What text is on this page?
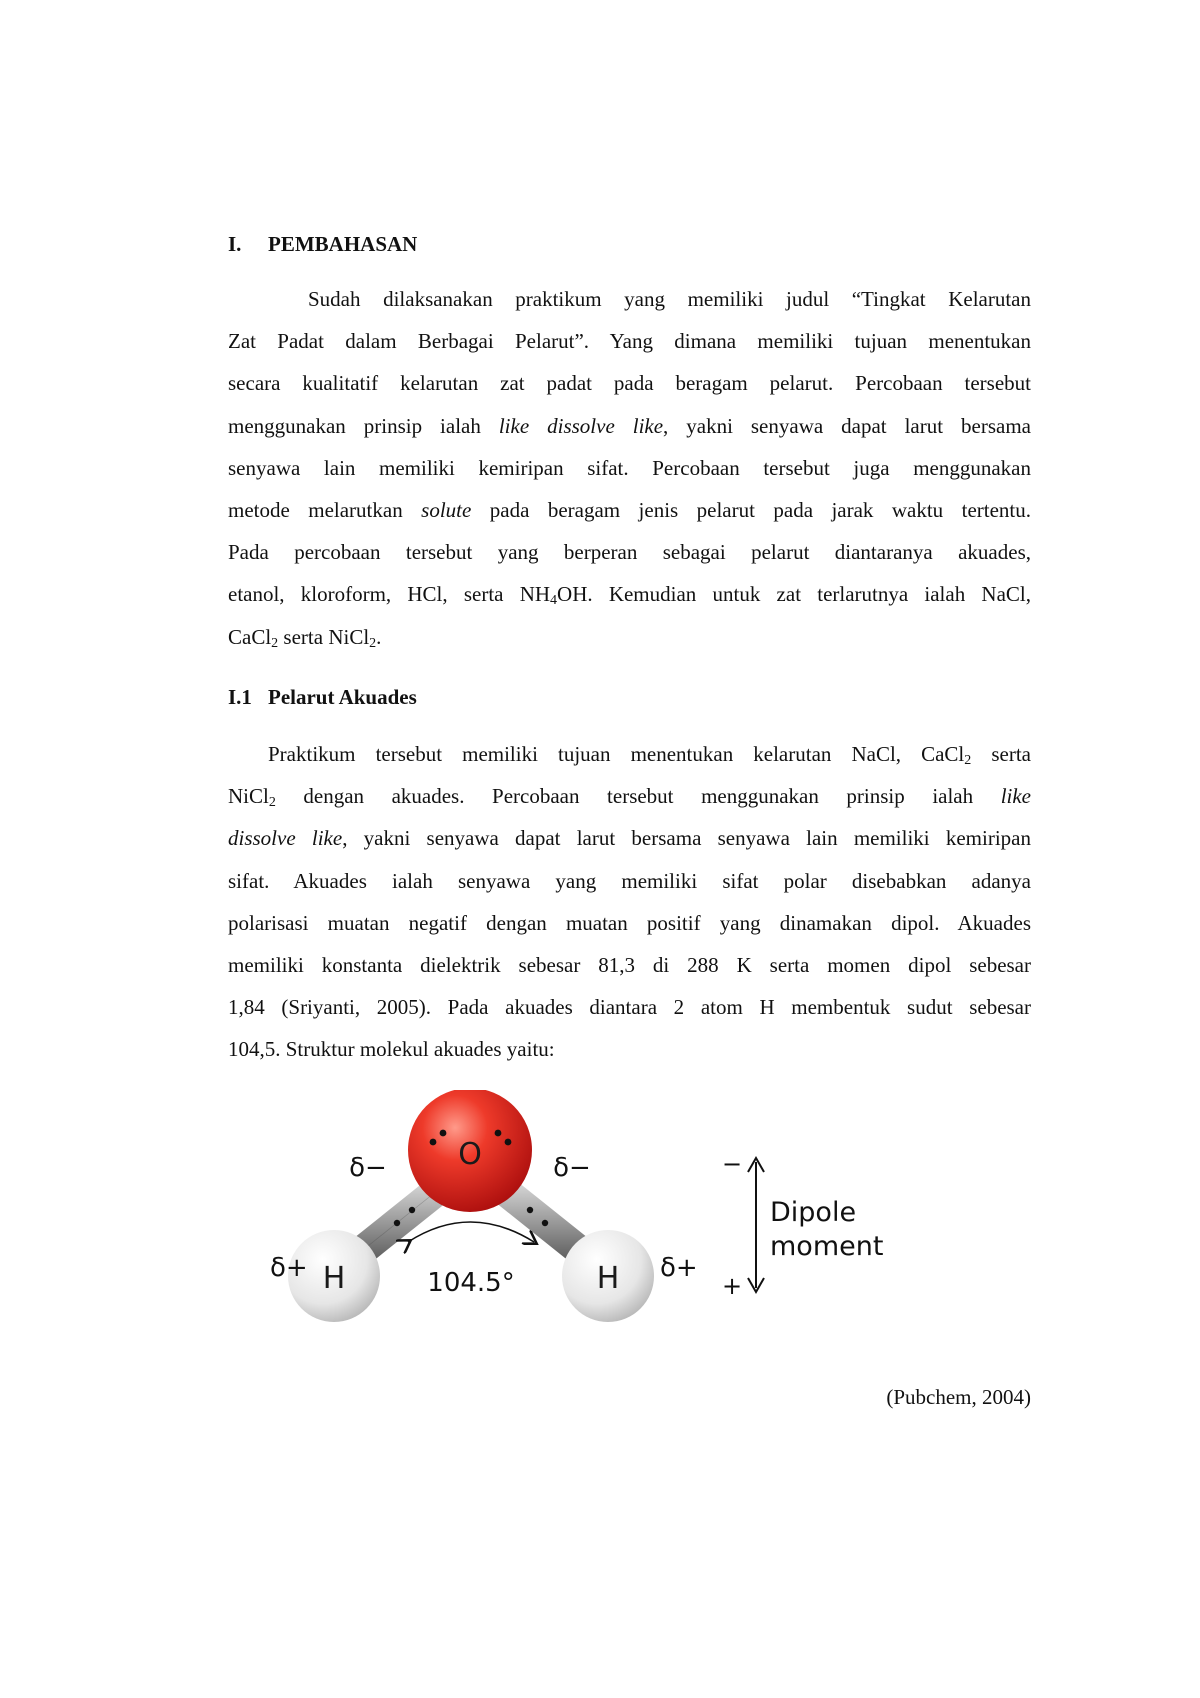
I. PEMBAHASAN
Sudah dilaksanakan praktikum yang memiliki judul “Tingkat Kelarutan
Zat Padat dalam Berbagai Pelarut”. Yang dimana memiliki tujuan menentukan
secara kualitatif kelarutan zat padat pada beragam pelarut. Percobaan tersebut
menggunakan prinsip ialah like dissolve like, yakni senyawa dapat larut bersama
senyawa lain memiliki kemiripan sifat. Percobaan tersebut juga menggunakan
metode melarutkan solute pada beragam jenis pelarut pada jarak waktu tertentu.
Pada percobaan tersebut yang berperan sebagai pelarut diantaranya akuades,
etanol, kloroform, HCl, serta $NH_4OH$. Kemudian untuk zat terlarutnya ialah NaCl,
CaCl$_2$ serta NiCl$_2$.
I.1 Pelarut Akuades
Praktikum tersebut memiliki tujuan menentukan kelarutan NaCl, CaCl$_2$ serta
NiCl$_2$ dengan akuades. Percobaan tersebut menggunakan prinsip ialah like
dissolve like, yakni senyawa dapat larut bersama senyawa lain memiliki kemiripan
sifat. Akuades ialah senyawa yang memiliki sifat polar disebabkan adanya
polarisasi muatan negatif dengan muatan positif yang dinamakan dipol. Akuades
memiliki konstanta dielektrik sebesar 81,3 di 288 K serta momen dipol sebesar
1,84 (Sriyanti, 2005). Pada akuades diantara 2 atom H membentuk sudut sebesar
104,5. Struktur molekul akuades yaitu:
O
H	H
104.5°
δ−	δ−
δ+	δ+
−
+
Dipole
moment
(Pubchem, 2004)
